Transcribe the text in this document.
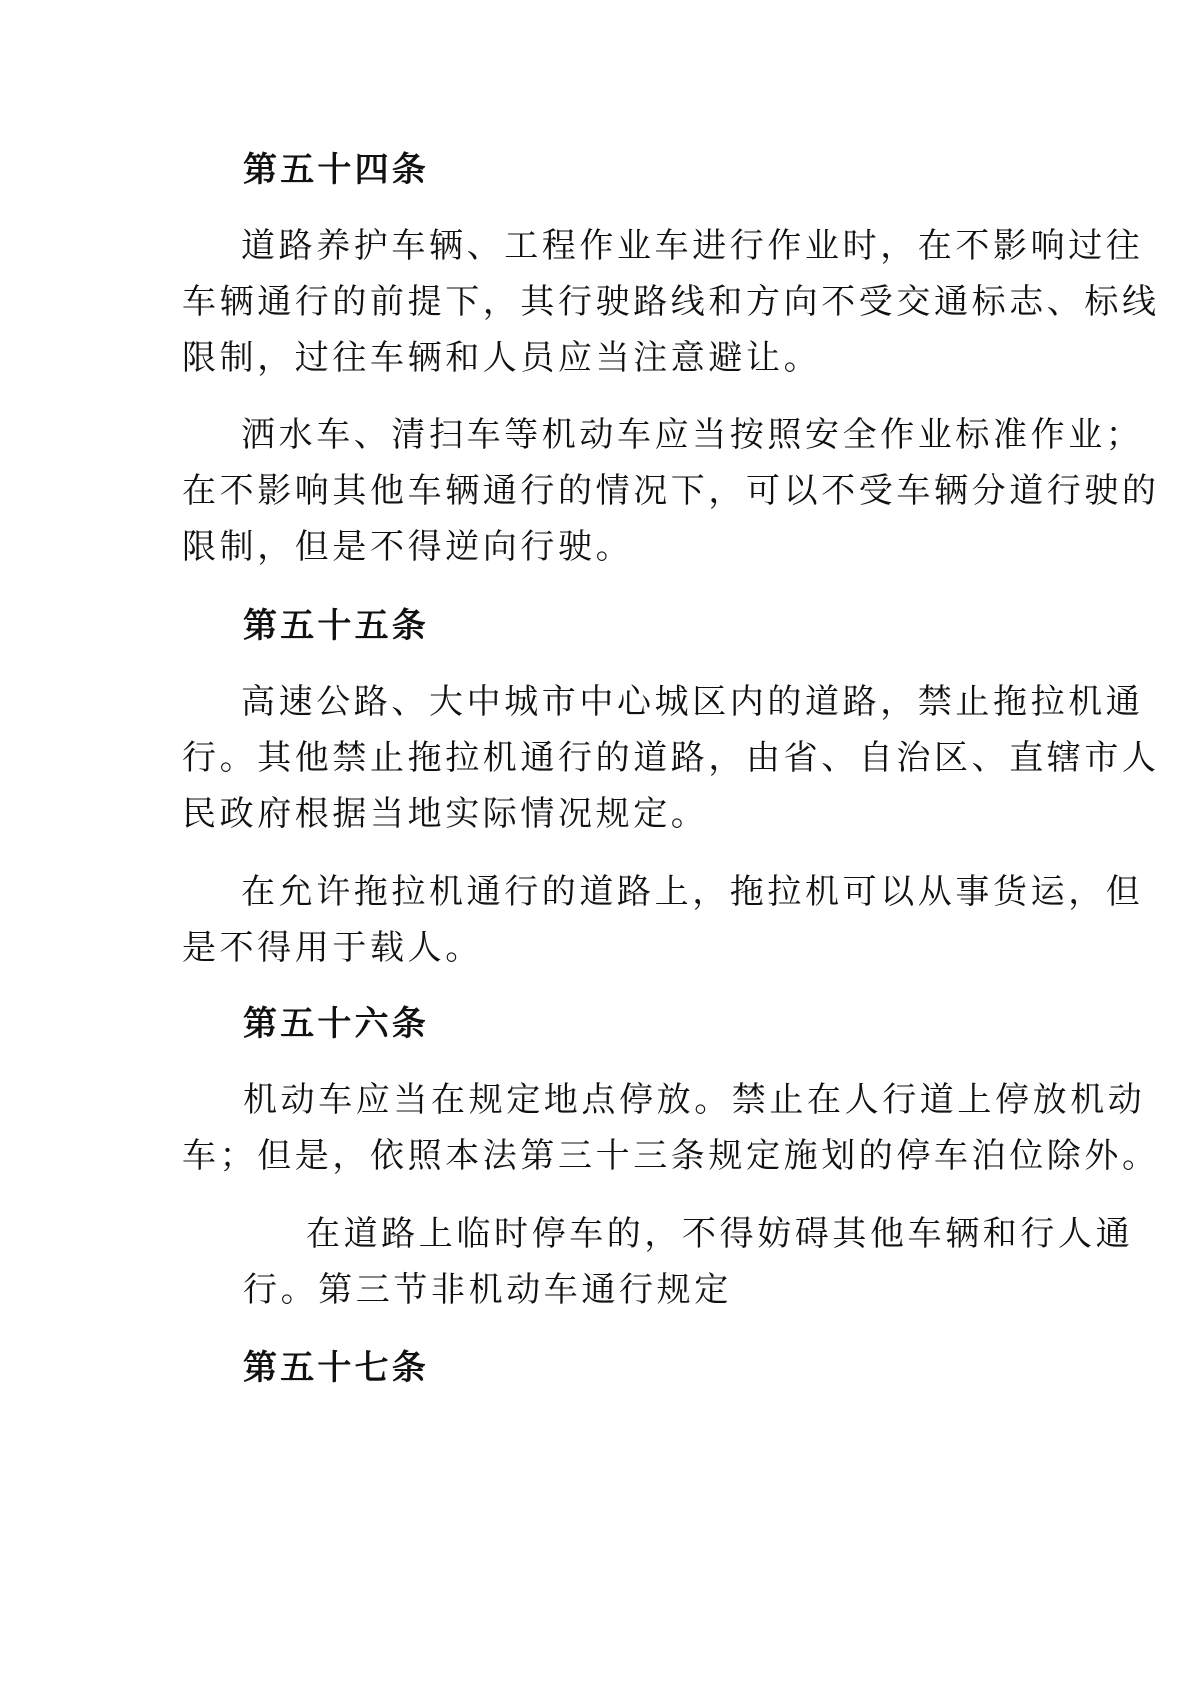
第五十四条
道路养护车辆、工程作业车进行作业时，在不影响过往
车辆通行的前提下，其行驶路线和方向不受交通标志、标线
限制，过往车辆和人员应当注意避让。
洒水车、清扫车等机动车应当按照安全作业标准作业；
在不影响其他车辆通行的情况下，可以不受车辆分道行驶的
限制，但是不得逆向行驶。
第五十五条
高速公路、大中城市中心城区内的道路，禁止拖拉机通
行。其他禁止拖拉机通行的道路，由省、自治区、直辖市人
民政府根据当地实际情况规定。
在允许拖拉机通行的道路上，拖拉机可以从事货运，但
是不得用于载人。
第五十六条
机动车应当在规定地点停放。禁止在人行道上停放机动
车；但是，依照本法第三十三条规定施划的停车泊位除外。
在道路上临时停车的，不得妨碍其他车辆和行人通
行。第三节非机动车通行规定
第五十七条
